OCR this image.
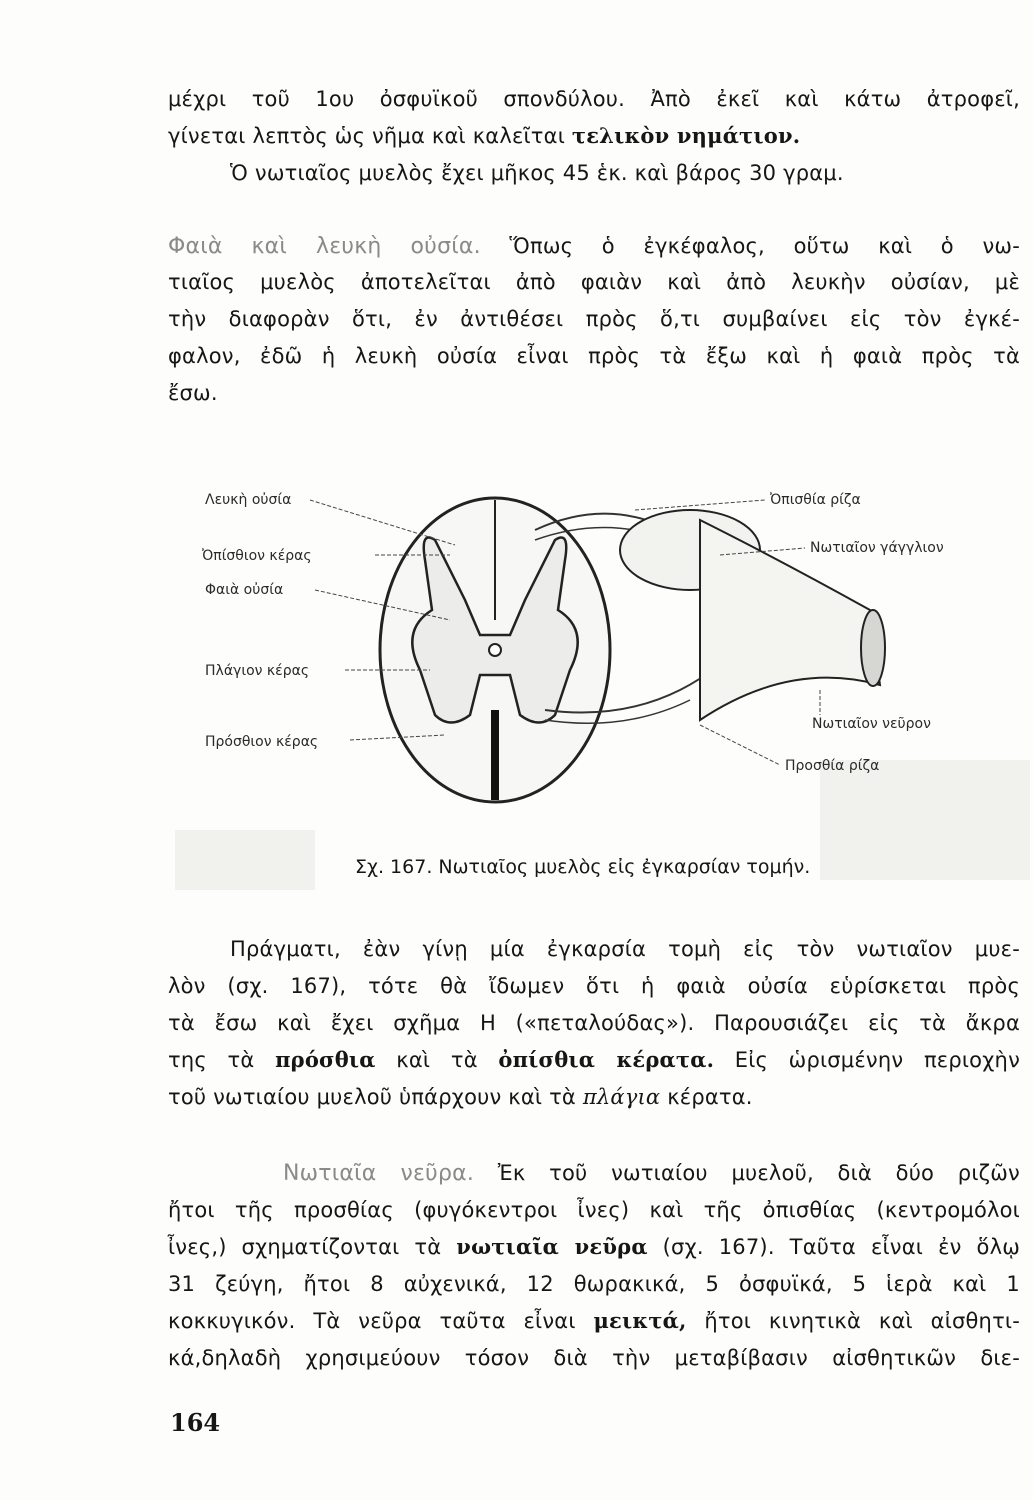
μέχρι τοῦ 1ου ὀσφυϊκοῦ σπονδύλου. Ἀπὸ ἐκεῖ καὶ κάτω ἀτροφεῖ,
γίνεται λεπτὸς ὡς νῆμα καὶ καλεῖται τελικὸν νημάτιον.
Ὁ νωτιαῖος μυελὸς ἔχει μῆκος 45 ἑκ. καὶ βάρος 30 γραμ.
Φαιὰ καὶ λευκὴ οὐσία. Ὅπως ὁ ἐγκέφαλος, οὕτω καὶ ὁ νω-
τιαῖος μυελὸς ἀποτελεῖται ἀπὸ φαιὰν καὶ ἀπὸ λευκὴν οὐσίαν, μὲ
τὴν διαφορὰν ὅτι, ἐν ἀντιθέσει πρὸς ὅ,τι συμβαίνει εἰς τὸν ἐγκέ-
φαλον, ἐδῶ ἡ λευκὴ οὐσία εἶναι πρὸς τὰ ἔξω καὶ ἡ φαιὰ πρὸς τὰ
ἔσω.
Λευκὴ οὐσία
Ὀπίσθιον κέρας
Φαιὰ οὐσία
Πλάγιον κέρας
Πρόσθιον κέρας
Ὀπισθία ρίζα
Νωτιαῖον γάγγλιον
Νωτιαῖον νεῦρον
Προσθία ρίζα
Σχ. 167. Νωτιαῖος μυελὸς εἰς ἐγκαρσίαν τομήν.
Πράγματι, ἐὰν γίνῃ μία ἐγκαρσία τομὴ εἰς τὸν νωτιαῖον μυε-
λὸν (σχ. 167), τότε θὰ ἴδωμεν ὅτι ἡ φαιὰ οὐσία εὑρίσκεται πρὸς
τὰ ἔσω καὶ ἔχει σχῆμα Η («πεταλούδας»). Παρουσιάζει εἰς τὰ ἄκρα
της τὰ πρόσθια καὶ τὰ ὀπίσθια κέρατα. Εἰς ὡρισμένην περιοχὴν
τοῦ νωτιαίου μυελοῦ ὑπάρχουν καὶ τὰ πλάγια κέρατα.
Νωτιαῖα νεῦρα. Ἐκ τοῦ νωτιαίου μυελοῦ, διὰ δύο ριζῶν
ἤτοι τῆς προσθίας (φυγόκεντροι ἶνες) καὶ τῆς ὀπισθίας (κεντρομόλοι
ἶνες,) σχηματίζονται τὰ νωτιαῖα νεῦρα (σχ. 167). Ταῦτα εἶναι ἐν ὅλῳ
31 ζεύγη, ἤτοι 8 αὐχενικά, 12 θωρακικά, 5 ὀσφυϊκά, 5 ἱερὰ καὶ 1
κοκκυγικόν. Τὰ νεῦρα ταῦτα εἶναι μεικτά, ἤτοι κινητικὰ καὶ αἰσθητι-
κά,δηλαδὴ χρησιμεύουν τόσον διὰ τὴν μεταβίβασιν αἰσθητικῶν διε-
164
